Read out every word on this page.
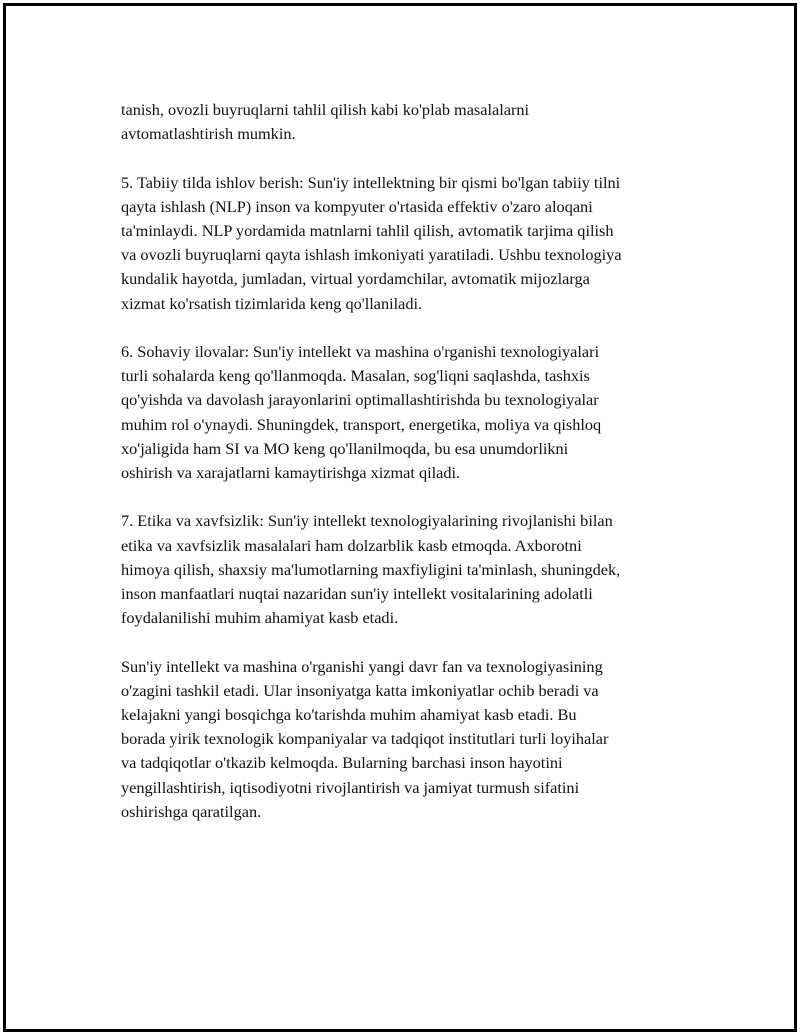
tanish, ovozli buyruqlarni tahlil qilish kabi ko'plab masalalarni
avtomatlashtirish mumkin.

5. Tabiiy tilda ishlov berish: Sun'iy intellektning bir qismi bo'lgan tabiiy tilni
qayta ishlash (NLP) inson va kompyuter o'rtasida effektiv o'zaro aloqani
ta'minlaydi. NLP yordamida matnlarni tahlil qilish, avtomatik tarjima qilish
va ovozli buyruqlarni qayta ishlash imkoniyati yaratiladi. Ushbu texnologiya
kundalik hayotda, jumladan, virtual yordamchilar, avtomatik mijozlarga
xizmat ko'rsatish tizimlarida keng qo'llaniladi.

6. Sohaviy ilovalar: Sun'iy intellekt va mashina o'rganishi texnologiyalari
turli sohalarda keng qo'llanmoqda. Masalan, sog'liqni saqlashda, tashxis
qo'yishda va davolash jarayonlarini optimallashtirishda bu texnologiyalar
muhim rol o'ynaydi. Shuningdek, transport, energetika, moliya va qishloq
xo'jaligida ham SI va MO keng qo'llanilmoqda, bu esa unumdorlikni
oshirish va xarajatlarni kamaytirishga xizmat qiladi.

7. Etika va xavfsizlik: Sun'iy intellekt texnologiyalarining rivojlanishi bilan
etika va xavfsizlik masalalari ham dolzarblik kasb etmoqda. Axborotni
himoya qilish, shaxsiy ma'lumotlarning maxfiyligini ta'minlash, shuningdek,
inson manfaatlari nuqtai nazaridan sun'iy intellekt vositalarining adolatli
foydalanilishi muhim ahamiyat kasb etadi.

Sun'iy intellekt va mashina o'rganishi yangi davr fan va texnologiyasining
o'zagini tashkil etadi. Ular insoniyatga katta imkoniyatlar ochib beradi va
kelajakni yangi bosqichga ko'tarishda muhim ahamiyat kasb etadi. Bu
borada yirik texnologik kompaniyalar va tadqiqot institutlari turli loyihalar
va tadqiqotlar o'tkazib kelmoqda. Bularning barchasi inson hayotini
yengillashtirish, iqtisodiyotni rivojlantirish va jamiyat turmush sifatini
oshirishga qaratilgan.
